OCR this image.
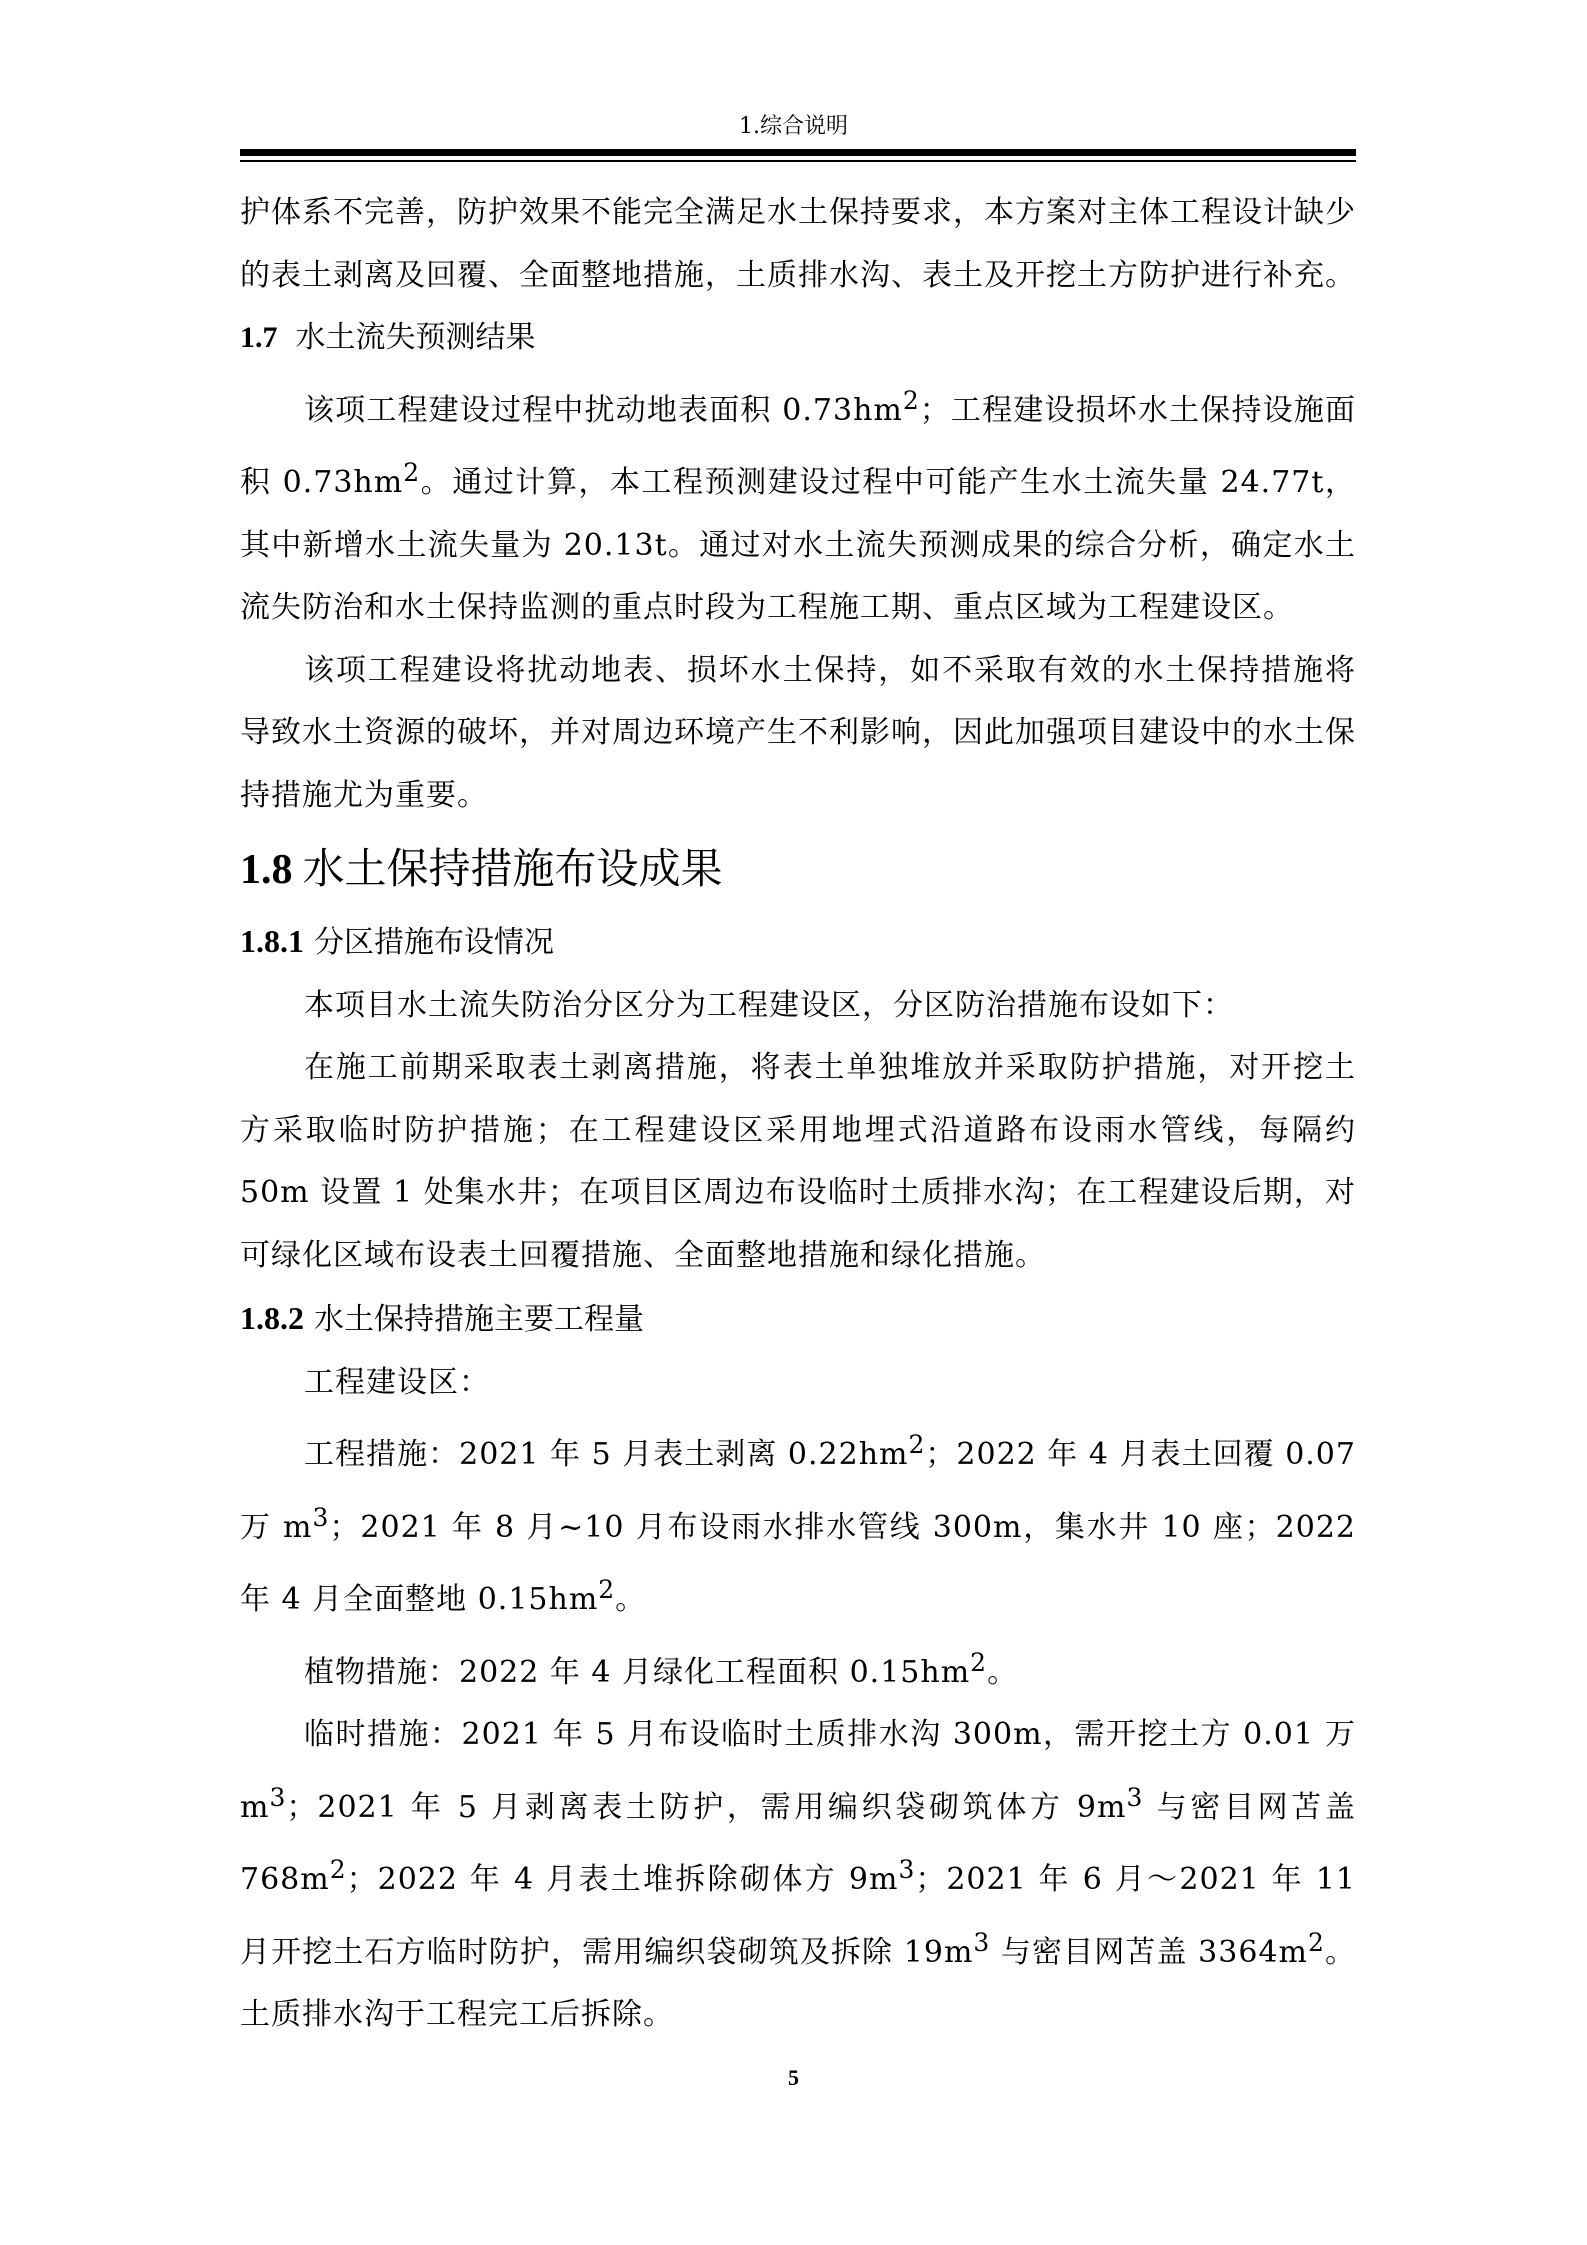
1.综合说明

护体系不完善，防护效果不能完全满足水土保持要求，本方案对主体工程设计缺少的表土剥离及回覆、全面整地措施，土质排水沟、表土及开挖土方防护进行补充。

1.7 水土流失预测结果

该项工程建设过程中扰动地表面积 $0.73hm^2$；工程建设损坏水土保持设施面积 $0.73hm^2$。通过计算，本工程预测建设过程中可能产生水土流失量 24.77t，其中新增水土流失量为 20.13t。通过对水土流失预测成果的综合分析，确定水土流失防治和水土保持监测的重点时段为工程施工期、重点区域为工程建设区。

该项工程建设将扰动地表、损坏水土保持，如不采取有效的水土保持措施将导致水土资源的破坏，并对周边环境产生不利影响，因此加强项目建设中的水土保持措施尤为重要。

1.8 水土保持措施布设成果
1.8.1 分区措施布设情况

本项目水土流失防治分区分为工程建设区，分区防治措施布设如下：

在施工前期采取表土剥离措施，将表土单独堆放并采取防护措施，对开挖土方采取临时防护措施；在工程建设区采用地埋式沿道路布设雨水管线，每隔约 50m 设置 1 处集水井；在项目区周边布设临时土质排水沟；在工程建设后期，对可绿化区域布设表土回覆措施、全面整地措施和绿化措施。

1.8.2 水土保持措施主要工程量

工程建设区：

工程措施：2021 年 5 月表土剥离 $0.22hm^2$；2022 年 4 月表土回覆 0.07 万 $m^3$；2021 年 8 月~10 月布设雨水排水管线 300m，集水井 10 座；2022 年 4 月全面整地 $0.15hm^2$。

植物措施：2022 年 4 月绿化工程面积 $0.15hm^2$。

临时措施：2021 年 5 月布设临时土质排水沟 300m，需开挖土方 0.01 万 $m^3$；2021 年 5 月剥离表土防护，需用编织袋砌筑体方 $9m^3$ 与密目网苫盖 $768m^2$；2022 年 4 月表土堆拆除砌体方 $9m^3$；2021 年 6 月～2021 年 11 月开挖土石方临时防护，需用编织袋砌筑及拆除 $19m^3$ 与密目网苫盖 $3364m^2$。土质排水沟于工程完工后拆除。

5
